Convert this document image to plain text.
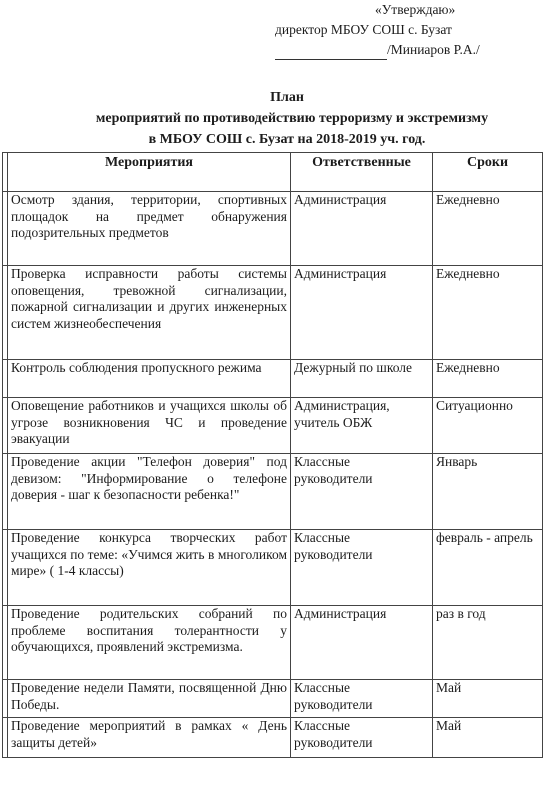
«Утверждаю»
директор МБОУ СОШ с. Бузат
/Миниаров Р.А./
План
мероприятий по противодействию терроризму и экстремизму
в МБОУ СОШ с. Бузат на 2018-2019 уч. год.
	Мероприятия	Ответственные	Сроки
	Осмотр здания, территории, спортивных площадок на предмет обнаружения подозрительных предметов	Администрация	Ежедневно
	Проверка исправности работы системы оповещения, тревожной сигнализации, пожарной сигнализации и других инженерных систем жизнеобеспечения	Администрация	Ежедневно
	Контроль соблюдения пропускного режима	Дежурный по школе	Ежедневно
	Оповещение работников и учащихся школы об угрозе возникновения ЧС и проведение эвакуации	Администрация, учитель ОБЖ	Ситуационно
	Проведение акции "Телефон доверия" под девизом: "Информирование о телефоне доверия - шаг к безопасности ребенка!"	Классные руководители	Январь
	Проведение конкурса творческих работ учащихся по теме: «Учимся жить в многоликом мире» ( 1-4 классы)	Классные руководители	февраль - апрель
	Проведение родительских собраний по проблеме воспитания толерантности у обучающихся, проявлений экстремизма.	Администрация	раз в год
	Проведение недели Памяти, посвященной Дню Победы.	Классные руководители	Май
	Проведение мероприятий в рамках « День защиты детей»	Классные руководители	Май
